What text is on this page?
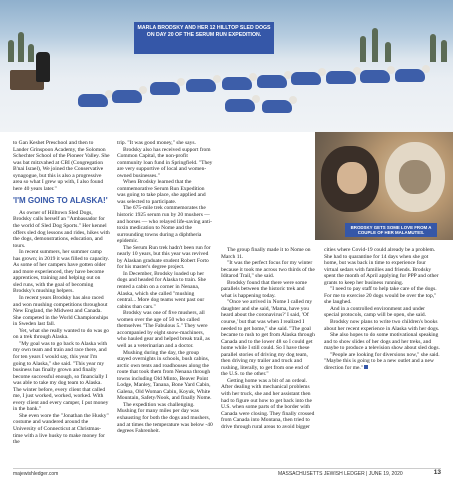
MARLA BRODSKY AND HER 12 HILLTOP SLED DOGS ON DAY 20 OF THE SERUM RUN EXPEDITION.
BRODSKY GETS SOME LOVE FROM A COUPLE OF HER MALAMUTES.

to Gan Keshet Preschool and then to Lander Grinspoon Academy, the Solomon Schechter School of the Pioneer Valley. She was bat mitzvahed at CBI (Congregation B'nai Israel), We joined the Conservative synagogue, but this is also a progressive area so what I grew up with, I also found here 40 years later."

'I'M GOING TO ALASKA!'

As owner of Hilltown Sled Dogs, Brodsky calls herself an "Ambassador for the world of Sled Dog Sports." Her kennel offers sled dog lessons and rides, hikes with the dogs, demonstrations, education, and tours.

In recent summers, her summer camp has grown; in 2019 it was filled to capacity. As some of her campers have gotten older and more experienced, they have become apprentices, training and helping out on sled runs, with the goal of becoming Brodsky's mushing helpers.

In recent years Brodsky has also raced and won mushing competitions throughout New England, the Midwest and Canada. She competed in the World Championships in Sweden last fall.

Yet, what she really wanted to do was go on a trek through Alaska.

"My goal was to go back to Alaska with my own team and train and race there, and for ten years I would say, this year I'm going to Alaska," she said. "This year my business has finally grown and finally become successful enough, so financially I was able to take my dog team to Alaska. The winter before, every client that called me, I just worked, worked, worked. With every client and every camper, I put money in the bank."

She even wore the "Jonathan the Husky" costume and wandered around the University of Connecticut at Christmas-time with a live husky to make money for the

trip. "It was good money," she says.

Brodsky also has received support from Common Capital, the non-profit community loan fund in Springfield. "They are very supportive of local and women-owned businesses."

When Brodsky learned that the commemorative Serum Run Expedition was going to take place, she applied and was selected to participate.

The 675-mile trek commemorates the historic 1925 serum run by 20 mushers — and horses — who relayed life-saving anti-toxin medication to Nome and the surrounding towns during a diphtheria epidemic.

The Serum Run trek hadn't been run for nearly 10 years, but this year was revived by Alaskan graduate student Robert Forto for his master's degree project.

In December, Brodsky loaded up her dogs and headed for Alaska to train. She rented a cabin on a corner in Nenana, Alaska, which she called "mushing central... More dog teams went past our cabins than cars."

Brodsky was one of five mushers, all women over the age of 50 who called themselves "The Fabulous 5." They were accompanied by eight snow-machiners, who hauled gear and helped break trail, as well as a veterinarian and a doctor.

Mushing during the day, the group stayed overnights in schools, bush cabins, arctic own tents and roadhouses along the route that took them from Nenana through towns including Old Minto, Beaver Point Lodge, Manley, Tanana, Bone Yard Cabin, Galena, Old Woman Cabin, Koyuk, White Mountain, Safety/Nook, and finally Nome.

The expedition was challenging. Mushing for many miles per day was exhausting for both the dogs and mushers, and at times the temperature was below -40 degrees Fahrenheit.

The group finally made it to Nome on March 11.

"It was the perfect focus for my winter because it took me across two thirds of the Iditarod Trail," she said.

Brodsky found that there were some parallels between the historic trek and what is happening today.

"Once we arrived in Nome I called my daughter and she said, 'Mama, have you heard about the coronavirus?' I said, 'Of course,' but that was when I realized I needed to get home," she said. "The goal became to rush to get from Alaska through Canada and to the lower 48 so I could get home while I still could. So I have these parallel stories of driving my dog team, then driving my trailer and truck and rushing, literally, to get from one end of the U.S. to the other."

Getting home was a bit of an ordeal. After dealing with mechanical problems with her truck, she and her assistant then had to figure out how to get back into the U.S. when some parts of the border with Canada were closing. They finally crossed from Canada into Montana, then tried to drive through rural areas to avoid bigger

cities where Covid-19 could already be a problem. She had to quarantine for 14 days when she got home, but was back in time to experience four virtual sedars with families and friends. Brodsky spent the month of April applying for PPP and other grants to keep her business running.

"I need to pay staff to help take care of the dogs. For me to exercise 20 dogs would be over the top," she laughed.

And in a controlled environment and under special protocols, camp will be open, she said.

Brodsky now plans to write two children's books about her recent experience in Alaska with her dogs.

She also hopes to do some motivational speaking and to show slides of her dogs and her treks, and maybe to produce a television show about sled dogs.

"People are looking for diversions now," she said. "Maybe this is going to be a new outlet and a new direction for me."

majewishledger.com	MASSACHUSETTS JEWISH LEDGER | JUNE 19, 2020	13
